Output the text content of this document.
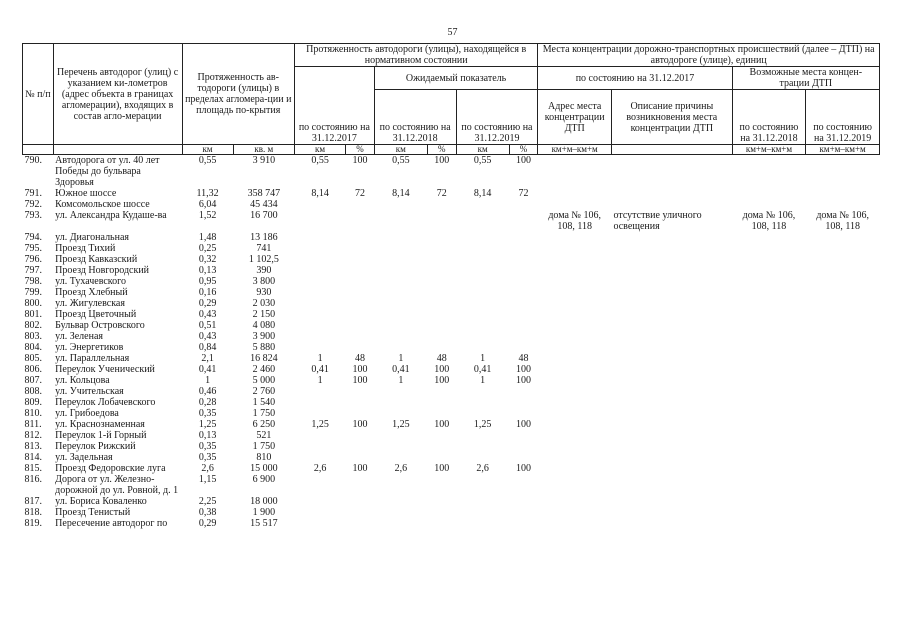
57
№ п/п	Перечень автодорог (улиц) с указанием ки-лометров (адрес объекта в границах агломерации), входящих в состав агло-мерации	Протяженность ав-тодороги (улицы) в пределах агломера-ции и площадь по-крытия		Протяженность автодороги (улицы), находящейся в нормативном состоянии						Места концентрации дорожно-транспортных происшествий (далее – ДТП) на автодороге (улице), единиц			
				по состоянию на 31.12.2017		Ожидаемый показатель				по состоянию на 31.12.2017		Возможные места концен-трации ДТП	
						по состоянию на 31.12.2018		по состоянию на 31.12.2019		Адрес места концентрации ДТП	Описание причины возникновения места концентрации ДТП	по состоянию на 31.12.2018	по состоянию на 31.12.2019
		км	кв. м	км	%	км	%	км	%	км+м–км+м		км+м–км+м	км+м–км+м
790.	Автодорога от ул. 40 лет Победы до бульвара Здоровья	0,55	3 910	0,55	100	0,55	100	0,55	100				
791.	Южное шоссе	11,32	358 747	8,14	72	8,14	72	8,14	72				
792.	Комсомольское шоссе	6,04	45 434										
793.	ул. Александра Кудаше-ва	1,52	16 700							дома № 106, 108, 118	отсутствие уличного освещения	дома № 106, 108, 118	дома № 106, 108, 118
794.	ул. Диагональная	1,48	13 186										
795.	Проезд Тихий	0,25	741										
796.	Проезд Кавказский	0,32	1 102,5										
797.	Проезд Новгородский	0,13	390										
798.	ул. Тухачевского	0,95	3 800										
799.	Проезд Хлебный	0,16	930										
800.	ул. Жигулевская	0,29	2 030										
801.	Проезд Цветочный	0,43	2 150										
802.	Бульвар Островского	0,51	4 080										
803.	ул. Зеленая	0,43	3 900										
804.	ул. Энергетиков	0,84	5 880										
805.	ул. Параллельная	2,1	16 824	1	48	1	48	1	48				
806.	Переулок Ученический	0,41	2 460	0,41	100	0,41	100	0,41	100				
807.	ул. Кольцова	1	5 000	1	100	1	100	1	100				
808.	ул. Учительская	0,46	2 760										
809.	Переулок Лобачевского	0,28	1 540										
810.	ул. Грибоедова	0,35	1 750										
811.	ул. Краснознаменная	1,25	6 250	1,25	100	1,25	100	1,25	100				
812.	Переулок 1-й Горный	0,13	521										
813.	Переулок Рижский	0,35	1 750										
814.	ул. Задельная	0,35	810										
815.	Проезд Федоровские луга	2,6	15 000	2,6	100	2,6	100	2,6	100				
816.	Дорога от ул. Железно-дорожной до ул. Ровной, д. 1	1,15	6 900										
817.	ул. Бориса Коваленко	2,25	18 000										
818.	Проезд Тенистый	0,38	1 900										
819.	Пересечение автодорог по	0,29	15 517										
